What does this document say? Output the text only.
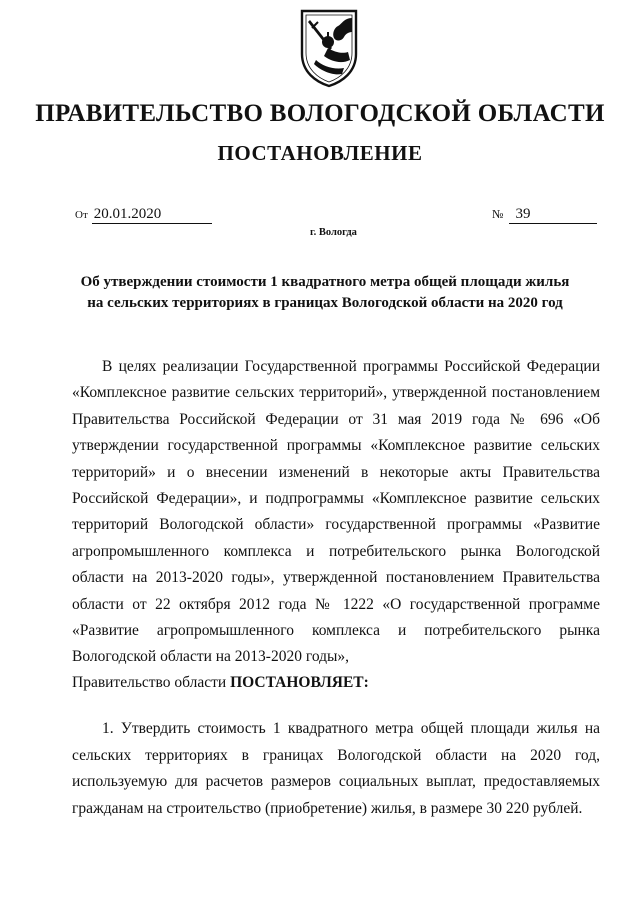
ПРАВИТЕЛЬСТВО ВОЛОГОДСКОЙ ОБЛАСТИ
ПОСТАНОВЛЕНИЕ
От 20.01.2020	№ 39
г. Вологда
Об утверждении стоимости 1 квадратного метра общей площади жилья
на сельских территориях в границах Вологодской области на 2020 год
В целях реализации Государственной программы Российской Федерации «Комплексное развитие сельских территорий», утвержденной постановлением Правительства Российской Федерации от 31 мая 2019 года № 696 «Об утверждении государственной программы «Комплексное развитие сельских территорий» и о внесении изменений в некоторые акты Правительства Российской Федерации», и подпрограммы «Комплексное развитие сельских территорий Вологодской области» государственной программы «Развитие агропромышленного комплекса и потребительского рынка Вологодской области на 2013-2020 годы», утвержденной постановлением Правительства области от 22 октября 2012 года № 1222 «О государственной программе «Развитие агропромышленного комплекса и потребительского рынка Вологодской области на 2013-2020 годы»,
Правительство области ПОСТАНОВЛЯЕТ:
1. Утвердить стоимость 1 квадратного метра общей площади жилья на сельских территориях в границах Вологодской области на 2020 год, используемую для расчетов размеров социальных выплат, предоставляемых гражданам на строительство (приобретение) жилья, в размере 30 220 рублей.
